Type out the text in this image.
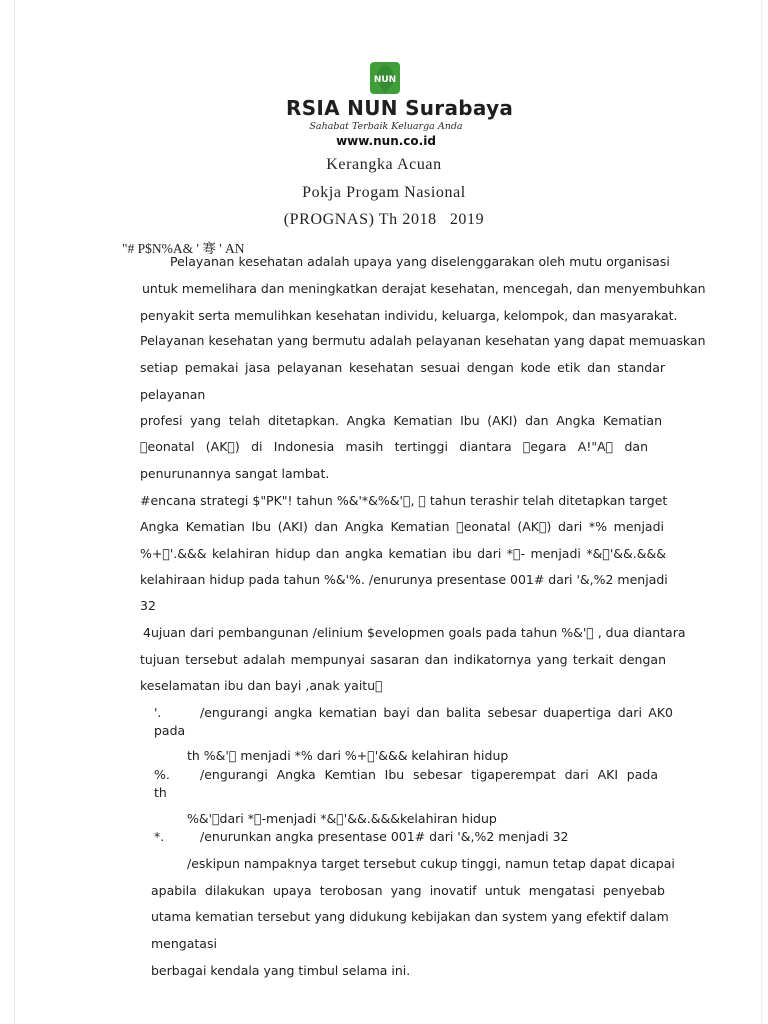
NUN
RSIA NUN Surabaya
Sahabat Terbaik Keluarga Anda
www.nun.co.id
Kerangka Acuan
Pokja Progam Nasional
(PROGNAS) Th 2018 2019
"# P$N%A& ' 弿 ' AN
Pelayanan kesehatan adalah upaya yang diselenggarakan oleh mutu organisasi
untuk memelihara dan meningkatkan derajat kesehatan, mencegah, dan menyembuhkan
penyakit serta memulihkan kesehatan individu, keluarga, kelompok, dan masyarakat.
Pelayanan kesehatan yang bermutu adalah pelayanan kesehatan yang dapat memuaskan
setiap pemakai jasa pelayanan kesehatan sesuai dengan kode etik dan standar
pelayanan
profesi yang telah ditetapkan. Angka Kematian Ibu (AKI) dan Angka Kematian
 eonatal (AK ) di Indonesia masih tertinggi diantara  egara A!"A  dan
penurunannya sangat lambat.
#encana strategi $"PK"! tahun %&'*&%&' ,   tahun terashir telah ditetapkan target
Angka Kematian Ibu (AKI) dan Angka Kematian  eonatal (AK ) dari *% menjadi
%+ '.&&& kelahiran hidup dan angka kematian ibu dari * - menjadi *& '&&.&&&
kelahiraan hidup pada tahun %&'%. /enurunya presentase 001# dari '&,%2 menjadi
32
4ujuan dari pembangunan /elinium $evelopmen goals pada tahun %&'  , dua diantara
tujuan tersebut adalah mempunyai sasaran dan indikatornya yang terkait dengan
keselamatan ibu dan bayi ,anak yaitu 
'.	/engurangi angka kematian bayi dan balita sebesar duapertiga dari AK0
pada
th %&'  menjadi *% dari %+ '&&& kelahiran hidup
%. /engurangi Angka Kemtian Ibu sebesar tigaperempat dari AKI pada
th
%&' dari * -menjadi *& '&&.&&&kelahiran hidup
*.	/enurunkan angka presentase 001# dari '&,%2 menjadi 32
/eskipun nampaknya target tersebut cukup tinggi, namun tetap dapat dicapai
apabila dilakukan upaya terobosan yang inovatif untuk mengatasi penyebab
utama kematian tersebut yang didukung kebijakan dan system yang efektif dalam
mengatasi
berbagai kendala yang timbul selama ini.
